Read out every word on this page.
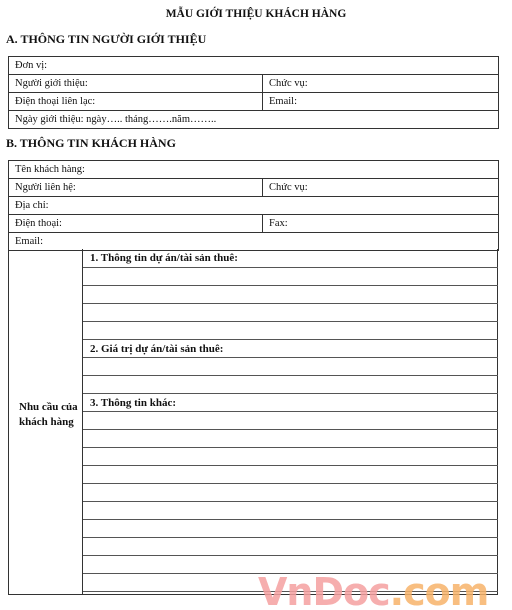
MẪU GIỚI THIỆU KHÁCH HÀNG
A. THÔNG TIN NGƯỜI GIỚI THIỆU
Đơn vị:	
Người giới thiệu:	Chức vụ:
Điện thoại liên lạc:	Email:
Ngày giới thiệu: ngày….. tháng…….năm……..	
B. THÔNG TIN KHÁCH HÀNG
Tên khách hàng:	
Người liên hệ:	Chức vụ:
Địa chỉ:	
Điện thoại:	Fax:
Email:	
Nhu cầu của khách hàng
1. Thông tin dự án/tài sản thuê:
2. Giá trị dự án/tài sản thuê:
3. Thông tin khác:
VnDoc.com
